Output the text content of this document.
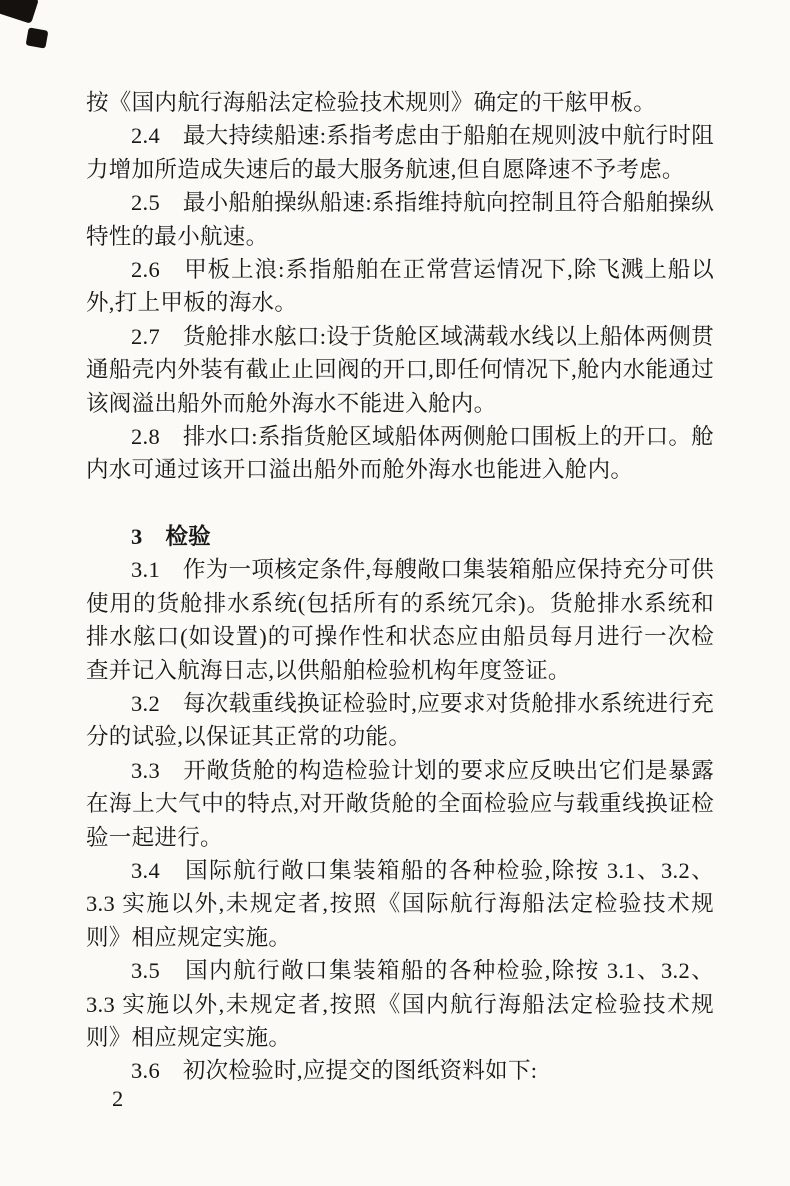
按《国内航行海船法定检验技术规则》确定的干舷甲板。

2.4　最大持续船速:系指考虑由于船舶在规则波中航行时阻力增加所造成失速后的最大服务航速,但自愿降速不予考虑。

2.5　最小船舶操纵船速:系指维持航向控制且符合船舶操纵特性的最小航速。

2.6　甲板上浪:系指船舶在正常营运情况下,除飞溅上船以外,打上甲板的海水。

2.7　货舱排水舷口:设于货舱区域满载水线以上船体两侧贯通船壳内外装有截止止回阀的开口,即任何情况下,舱内水能通过该阀溢出船外而舱外海水不能进入舱内。

2.8　排水口:系指货舱区域船体两侧舱口围板上的开口。舱内水可通过该开口溢出船外而舱外海水也能进入舱内。

3　检验

3.1　作为一项核定条件,每艘敞口集装箱船应保持充分可供使用的货舱排水系统(包括所有的系统冗余)。货舱排水系统和排水舷口(如设置)的可操作性和状态应由船员每月进行一次检查并记入航海日志,以供船舶检验机构年度签证。

3.2　每次载重线换证检验时,应要求对货舱排水系统进行充分的试验,以保证其正常的功能。

3.3　开敞货舱的构造检验计划的要求应反映出它们是暴露在海上大气中的特点,对开敞货舱的全面检验应与载重线换证检验一起进行。

3.4　国际航行敞口集装箱船的各种检验,除按 3.1、3.2、3.3 实施以外,未规定者,按照《国际航行海船法定检验技术规则》相应规定实施。

3.5　国内航行敞口集装箱船的各种检验,除按 3.1、3.2、3.3 实施以外,未规定者,按照《国内航行海船法定检验技术规则》相应规定实施。

3.6　初次检验时,应提交的图纸资料如下:

2
